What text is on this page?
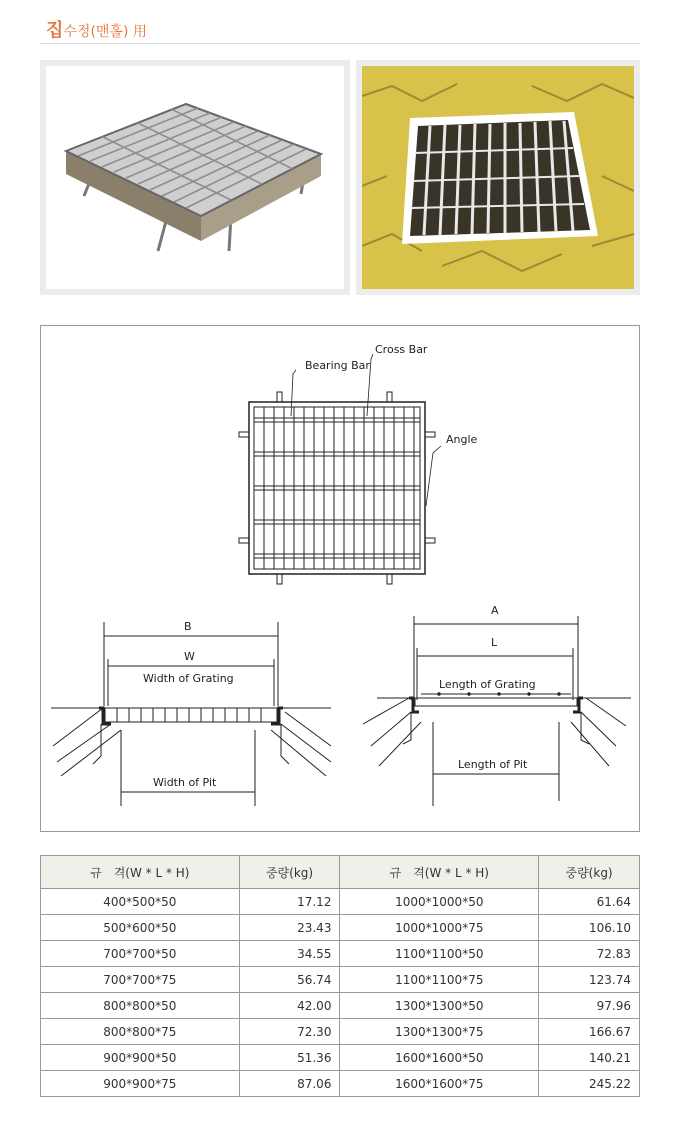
집수정(맨홀) 用
Cross Bar
Bearing Bar
Angle
B
W
Width of Grating
Width of Pit
A
L
Length of Grating
Length of Pit
규　격(W * L * H)	중량(kg)	규　격(W * L * H)	중량(kg)
400*500*50	17.12	1000*1000*50	61.64
500*600*50	23.43	1000*1000*75	106.10
700*700*50	34.55	1100*1100*50	72.83
700*700*75	56.74	1100*1100*75	123.74
800*800*50	42.00	1300*1300*50	97.96
800*800*75	72.30	1300*1300*75	166.67
900*900*50	51.36	1600*1600*50	140.21
900*900*75	87.06	1600*1600*75	245.22
